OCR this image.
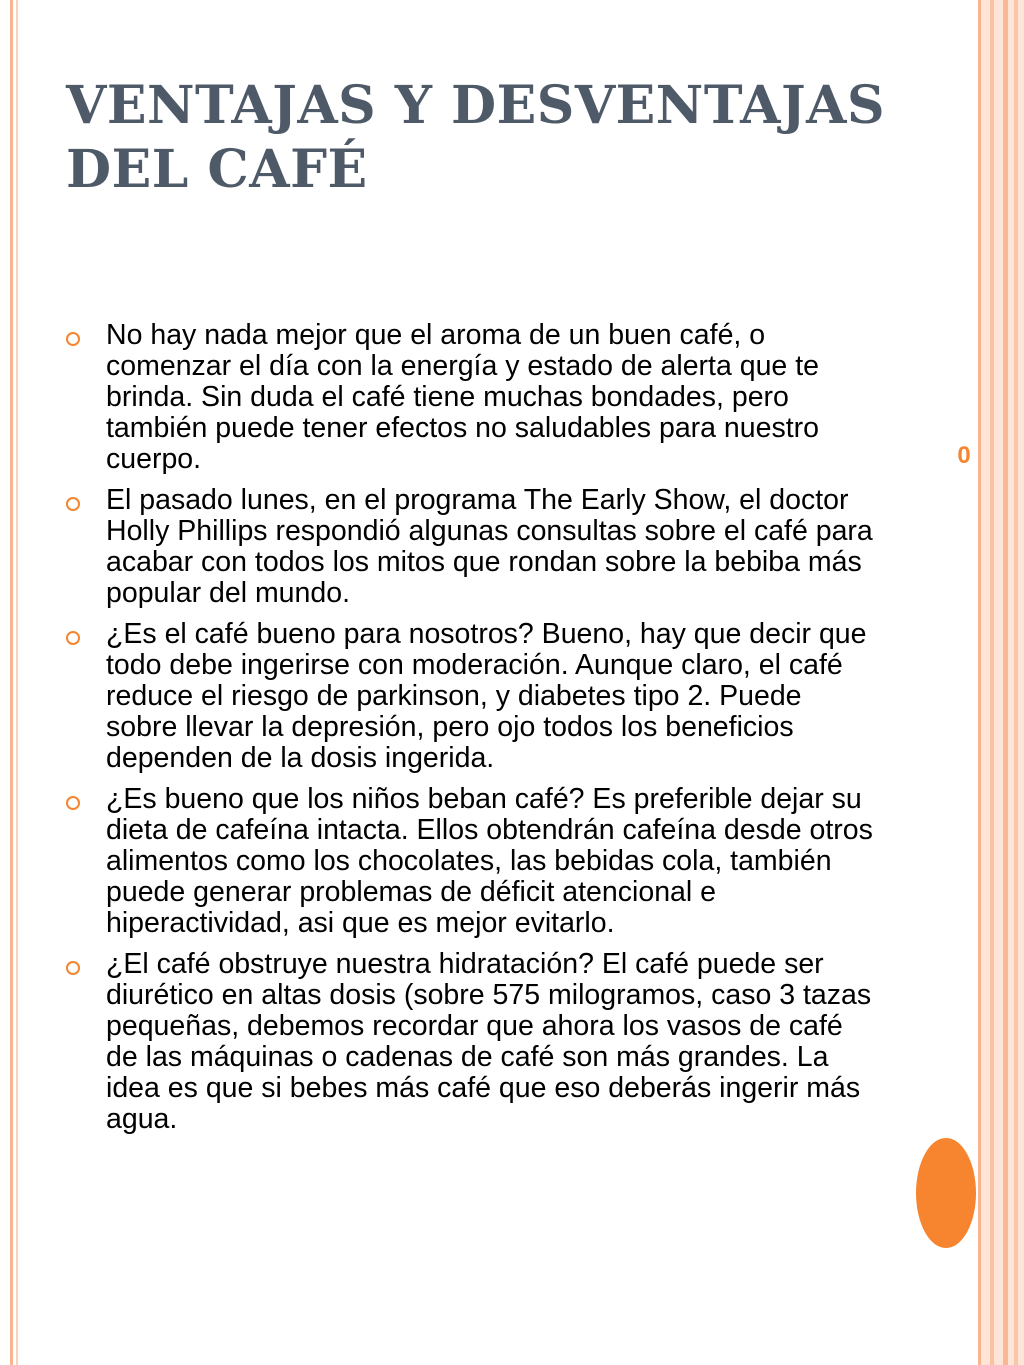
VENTAJAS Y DESVENTAJAS DEL CAFÉ
No hay nada mejor que el aroma de un buen café, o comenzar el día con la energía y estado de alerta que te brinda. Sin duda el café tiene muchas bondades, pero también puede tener efectos no saludables para nuestro cuerpo.
El pasado lunes, en el programa The Early Show, el doctor Holly Phillips respondió algunas consultas sobre el café para acabar con todos los mitos que rondan sobre la bebiba más popular del mundo.
¿Es el café bueno para nosotros? Bueno, hay que decir que todo debe ingerirse con moderación. Aunque claro, el café reduce el riesgo de parkinson, y diabetes tipo 2. Puede sobre llevar la depresión, pero ojo todos los beneficios dependen de la dosis ingerida.
¿Es bueno que los niños beban café? Es preferible dejar su dieta de cafeína intacta. Ellos obtendrán cafeína desde otros alimentos como los chocolates, las bebidas cola, también puede generar problemas de déficit atencional e hiperactividad, asi que es mejor evitarlo.
¿El café obstruye nuestra hidratación? El café puede ser diurético en altas dosis (sobre 575 milogramos, caso 3 tazas pequeñas, debemos recordar que ahora los vasos de café de las máquinas o cadenas de café son más grandes. La idea es que si bebes más café que eso deberás ingerir más agua.
0
